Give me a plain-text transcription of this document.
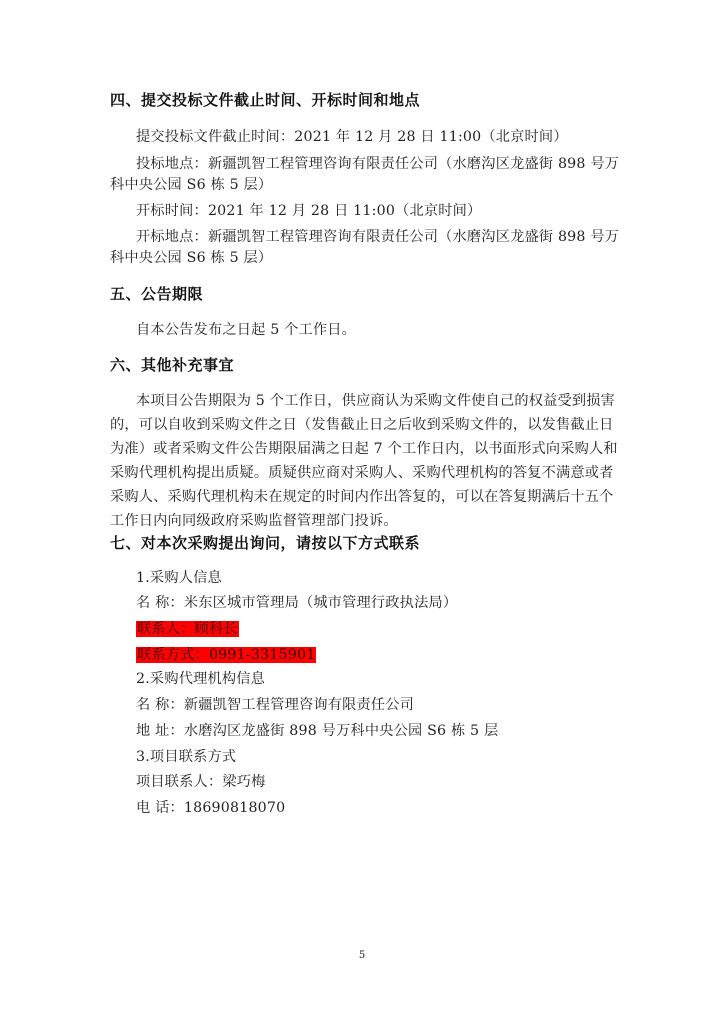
四、提交投标文件截止时间、开标时间和地点
提交投标文件截止时间：2021 年 12 月 28 日 11:00（北京时间）
投标地点：新疆凯智工程管理咨询有限责任公司（水磨沟区龙盛街 898 号万
科中央公园 S6 栋 5 层）
开标时间：2021 年 12 月 28 日 11:00（北京时间）
开标地点：新疆凯智工程管理咨询有限责任公司（水磨沟区龙盛街 898 号万
科中央公园 S6 栋 5 层）
五、公告期限
自本公告发布之日起 5 个工作日。
六、其他补充事宜
本项目公告期限为 5 个工作日，供应商认为采购文件使自己的权益受到损害
的，可以自收到采购文件之日（发售截止日之后收到采购文件的，以发售截止日
为准）或者采购文件公告期限届满之日起 7 个工作日内，以书面形式向采购人和
采购代理机构提出质疑。质疑供应商对采购人、采购代理机构的答复不满意或者
采购人、采购代理机构未在规定的时间内作出答复的，可以在答复期满后十五个
工作日内向同级政府采购监督管理部门投诉。
七、对本次采购提出询问，请按以下方式联系
1.采购人信息
名 称：米东区城市管理局（城市管理行政执法局）
联系人：顾科长
联系方式：0991-3315901
2.采购代理机构信息
名 称：新疆凯智工程管理咨询有限责任公司
地 址：水磨沟区龙盛街 898 号万科中央公园 S6 栋 5 层
3.项目联系方式
项目联系人：梁巧梅
电 话：18690818070
5
